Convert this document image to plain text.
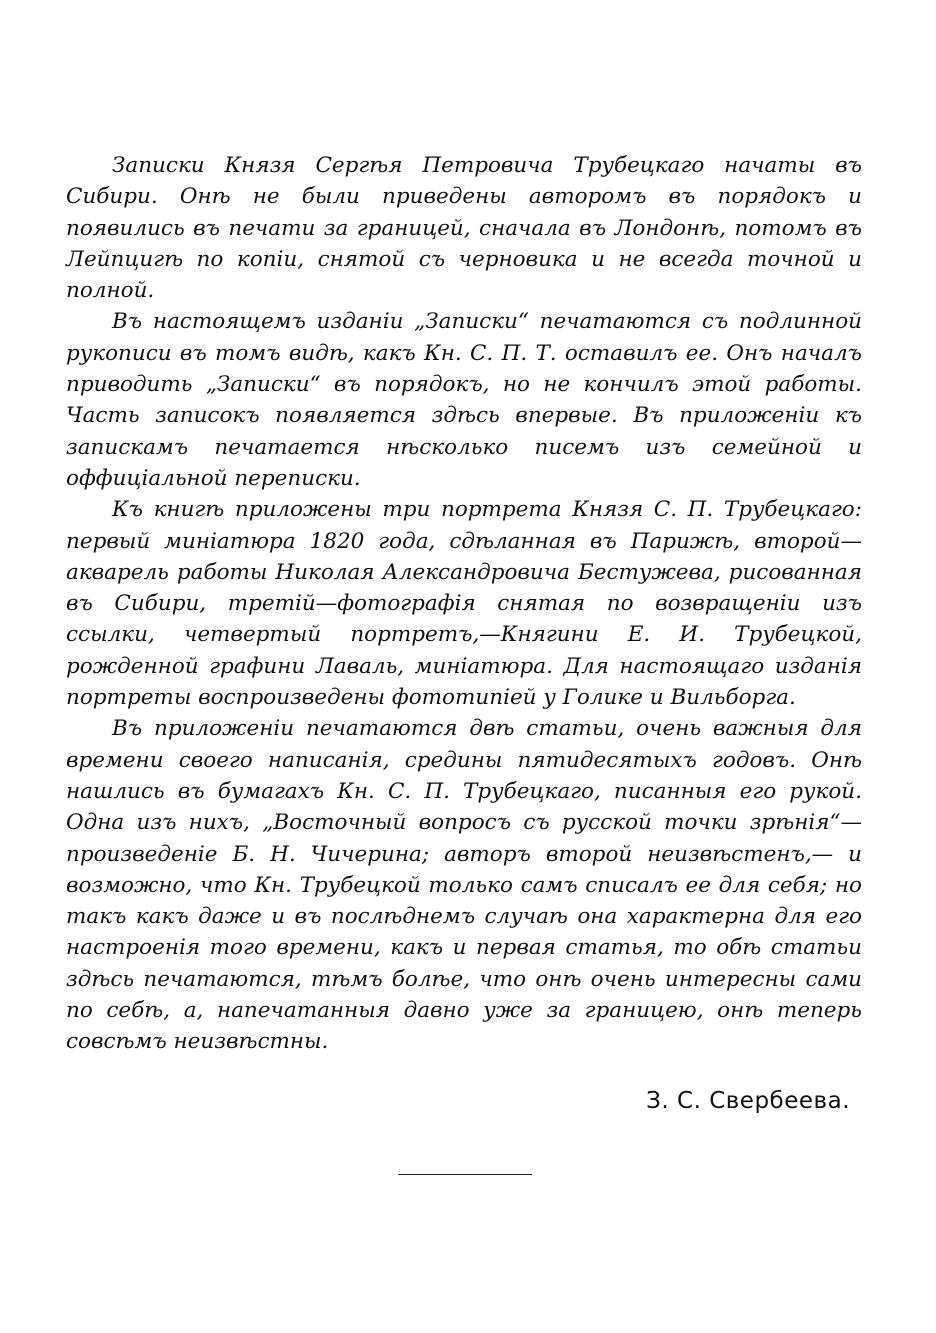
Записки Князя Сергѣя Петровича Трубецкаго начаты въ Сибири. Онѣ не были приведены авторомъ въ порядокъ и появились въ печати за границей, сначала въ Лондонѣ, потомъ въ Лейпцигѣ по копіи, снятой съ черновика и не всегда точной и полной.

Въ настоящемъ изданіи „Записки“ печатаются съ подлинной рукописи въ томъ видѣ, какъ Кн. С. П. Т. оставилъ ее. Онъ началъ приводить „Записки“ въ порядокъ, но не кончилъ этой работы. Часть записокъ появляется здѣсь впервые. Въ приложеніи къ запискамъ печатается нѣсколько писемъ изъ семейной и оффиціальной переписки.

Къ книгѣ приложены три портрета Князя С. П. Трубецкаго: первый миніатюра 1820 года, сдѣланная въ Парижѣ, второй—акварель работы Николая Александровича Бестужева, рисованная въ Сибири, третій—фотографія снятая по возвращеніи изъ ссылки, четвертый портретъ,—Княгини Е. И. Трубецкой, рожденной графини Лаваль, миніатюра. Для настоящаго изданія портреты воспроизведены фототипіей у Голике и Вильборга.

Въ приложеніи печатаются двѣ статьи, очень важныя для времени своего написанія, средины пятидесятыхъ годовъ. Онѣ нашлись въ бумагахъ Кн. С. П. Трубецкаго, писанныя его рукой. Одна изъ нихъ, „Восточный вопросъ съ русской точки зрѣнія“—произведеніе Б. Н. Чичерина; авторъ второй неизвѣстенъ,— и возможно, что Кн. Трубецкой только самъ списалъ ее для себя; но такъ какъ даже и въ послѣднемъ случаѣ она характерна для его настроенія того времени, какъ и первая статья, то обѣ статьи здѣсь печатаются, тѣмъ болѣе, что онѣ очень интересны сами по себѣ, а, напечатанныя давно уже за границею, онѣ теперь совсѣмъ неизвѣстны.

З. С. Свербеева.
